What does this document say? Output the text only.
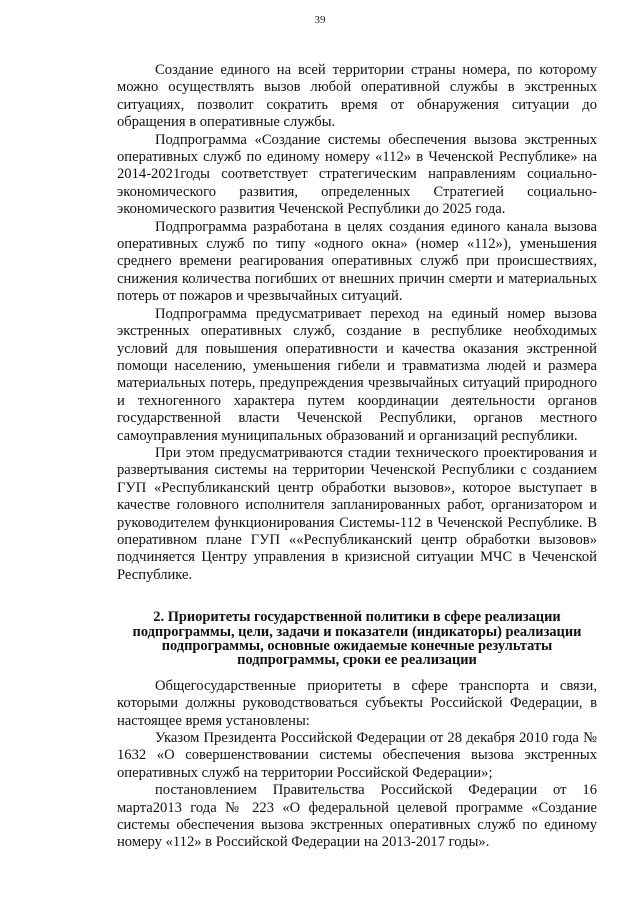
39

Создание единого на всей территории страны номера, по которому можно осуществлять вызов любой оперативной службы в экстренных ситуациях, позволит сократить время от обнаружения ситуации до обращения в оперативные службы.

Подпрограмма «Создание системы обеспечения вызова экстренных оперативных служб по единому номеру «112» в Чеченской Республике» на 2014-2021годы соответствует стратегическим направлениям социально-экономического развития, определенных Стратегией социально-экономического развития Чеченской Республики до 2025 года.

Подпрограмма разработана в целях создания единого канала вызова оперативных служб по типу «одного окна» (номер «112»), уменьшения среднего времени реагирования оперативных служб при происшествиях, снижения количества погибших от внешних причин смерти и материальных потерь от пожаров и чрезвычайных ситуаций.

Подпрограмма предусматривает переход на единый номер вызова экстренных оперативных служб, создание в республике необходимых условий для повышения оперативности и качества оказания экстренной помощи населению, уменьшения гибели и травматизма людей и размера материальных потерь, предупреждения чрезвычайных ситуаций природного и техногенного характера путем координации деятельности органов государственной власти Чеченской Республики, органов местного самоуправления муниципальных образований и организаций республики.

При этом предусматриваются стадии технического проектирования и развертывания системы на территории Чеченской Республики с созданием ГУП «Республиканский центр обработки вызовов», которое выступает в качестве головного исполнителя запланированных работ, организатором и руководителем функционирования Системы-112 в Чеченской Республике. В оперативном плане ГУП ««Республиканский центр обработки вызовов» подчиняется Центру управления в кризисной ситуации МЧС в Чеченской Республике.

2. Приоритеты государственной политики в сфере реализации
подпрограммы, цели, задачи и показатели (индикаторы) реализации
подпрограммы, основные ожидаемые конечные результаты
подпрограммы, сроки ее реализации

Общегосударственные приоритеты в сфере транспорта и связи, которыми должны руководствоваться субъекты Российской Федерации, в настоящее время установлены:

Указом Президента Российской Федерации от 28 декабря 2010 года № 1632 «О совершенствовании системы обеспечения вызова экстренных оперативных служб на территории Российской Федерации»;

постановлением Правительства Российской Федерации от 16 марта2013 года № 223 «О федеральной целевой программе «Создание системы обеспечения вызова экстренных оперативных служб по единому номеру «112» в Российской Федерации на 2013-2017 годы».
